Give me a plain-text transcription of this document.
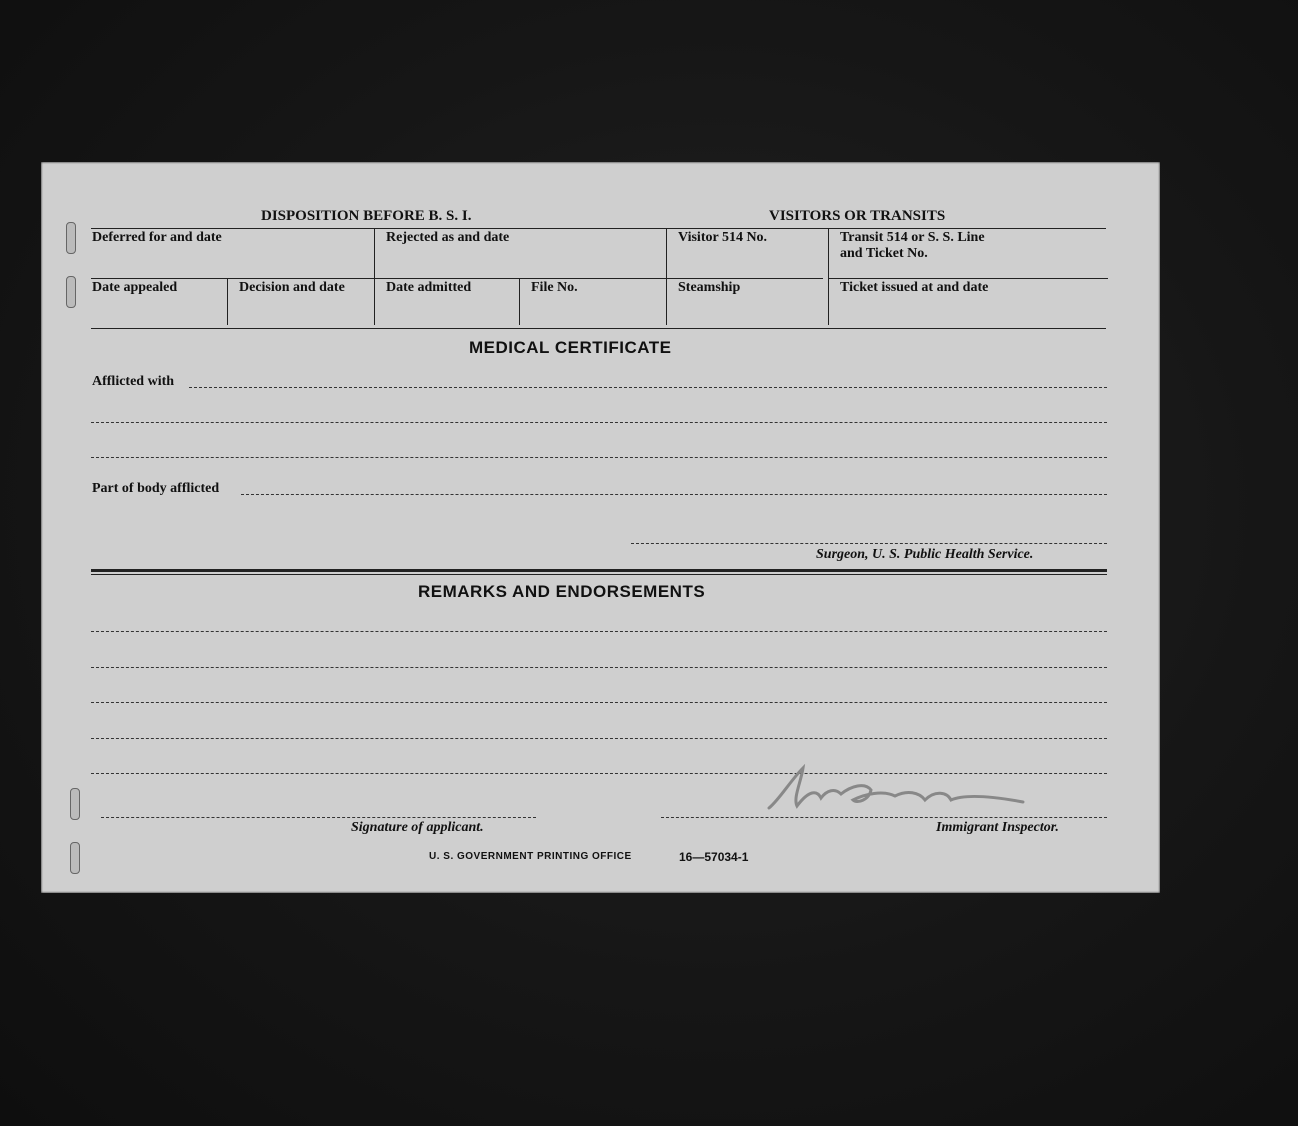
DISPOSITION BEFORE B. S. I.	VISITORS OR TRANSITS
Deferred for and date	Rejected as and date	Visitor 514 No.	Transit 514 or S. S. Line
and Ticket No.
Date appealed	Decision and date	Date admitted	File No.	Steamship	Ticket issued at and date
MEDICAL CERTIFICATE
Afflicted with
Part of body afflicted
Surgeon, U. S. Public Health Service.
REMARKS AND ENDORSEMENTS
Signature of applicant.	Immigrant Inspector.
U. S. GOVERNMENT PRINTING OFFICE	16—57034-1
